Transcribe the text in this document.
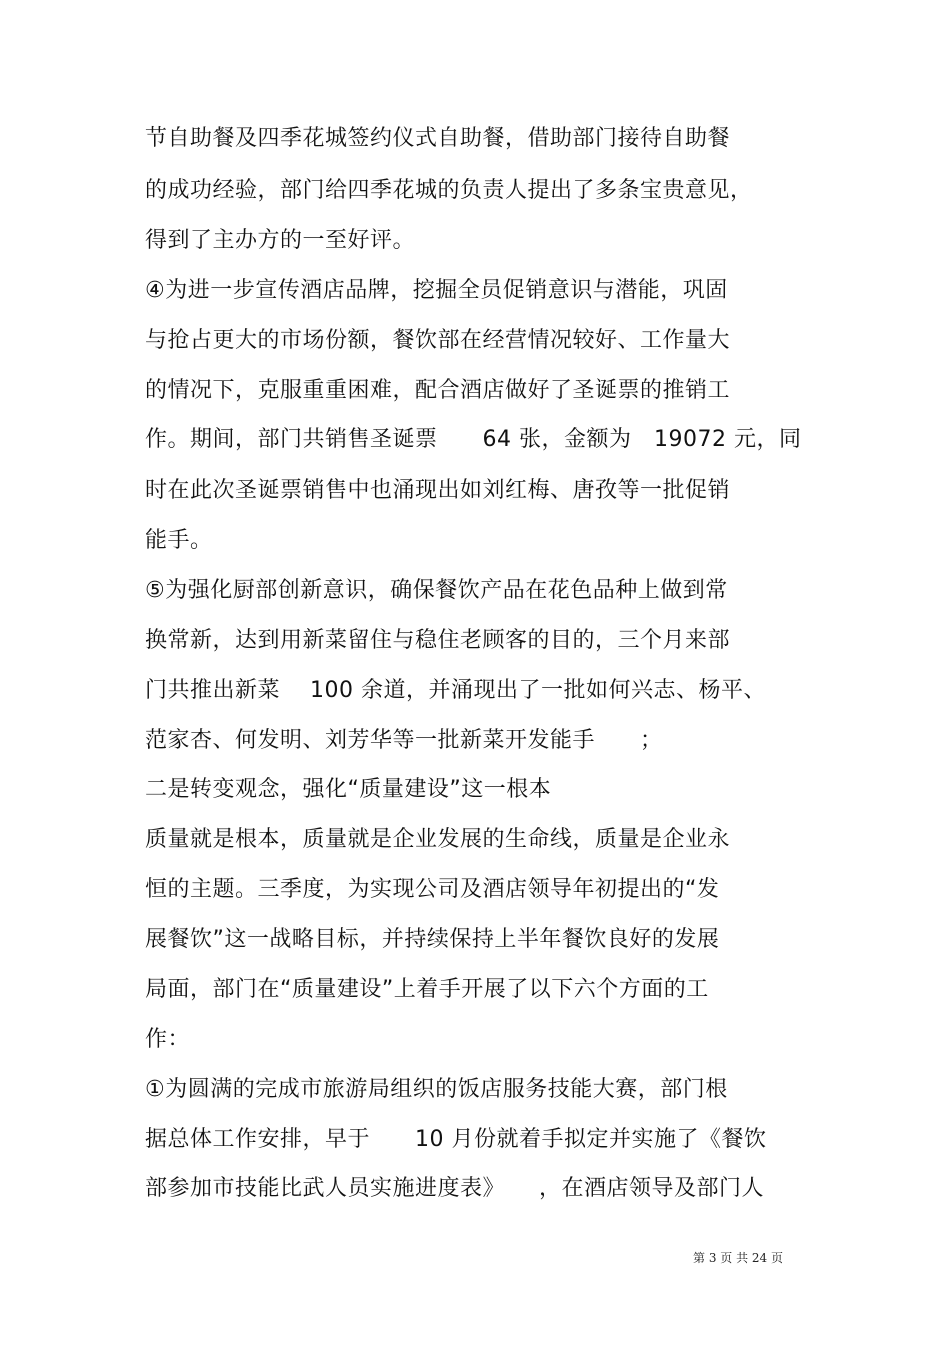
节自助餐及四季花城签约仪式自助餐，借助部门接待自助餐
的成功经验，部门给四季花城的负责人提出了多条宝贵意见，
得到了主办方的一至好评。
④为进一步宣传酒店品牌，挖掘全员促销意识与潜能，巩固
与抢占更大的市场份额，餐饮部在经营情况较好、工作量大
的情况下，克服重重困难，配合酒店做好了圣诞票的推销工
作。期间，部门共销售圣诞票　　64 张，金额为　19072 元，同
时在此次圣诞票销售中也涌现出如刘红梅、唐孜等一批促销
能手。
⑤为强化厨部创新意识，确保餐饮产品在花色品种上做到常
换常新，达到用新菜留住与稳住老顾客的目的，三个月来部
门共推出新菜　 100 余道，并涌现出了一批如何兴志、杨平、
范家杏、何发明、刘芳华等一批新菜开发能手　　；
二是转变观念，强化“质量建设”这一根本
质量就是根本，质量就是企业发展的生命线，质量是企业永
恒的主题。三季度，为实现公司及酒店领导年初提出的“发
展餐饮”这一战略目标，并持续保持上半年餐饮良好的发展
局面，部门在“质量建设”上着手开展了以下六个方面的工
作：
①为圆满的完成市旅游局组织的饭店服务技能大赛，部门根
据总体工作安排，早于　　10 月份就着手拟定并实施了《餐饮
部参加市技能比武人员实施进度表》　　，在酒店领导及部门人
第 3 页 共 24 页
